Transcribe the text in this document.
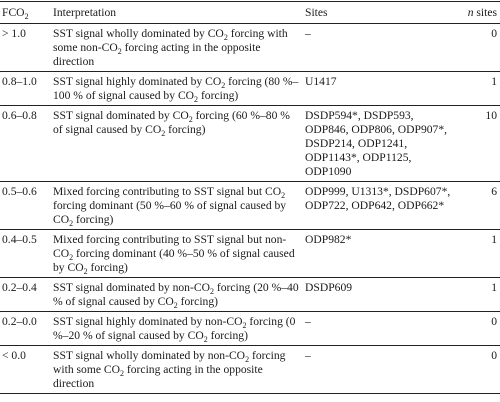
$FCO_2$	Interpretation	Sites	n sites
> 1.0	SST signal wholly dominated by $CO_2$ forcing with some non-$CO_2$ forcing acting in the opposite direction	–	0
0.8–1.0	SST signal highly dominated by $CO_2$ forcing (80 %–100 % of signal caused by $CO_2$ forcing)	U1417	1
0.6–0.8	SST signal dominated by $CO_2$ forcing (60 %–80 % of signal caused by $CO_2$ forcing)	DSDP594*, DSDP593, ODP846, ODP806, ODP907*, DSDP214, ODP1241, ODP1143*, ODP1125, ODP1090	10
0.5–0.6	Mixed forcing contributing to SST signal but $CO_2$ forcing dominant (50 %–60 % of signal caused by $CO_2$ forcing)	ODP999, U1313*, DSDP607*, ODP722, ODP642, ODP662*	6
0.4–0.5	Mixed forcing contributing to SST signal but non-$CO_2$ forcing dominant (40 %–50 % of signal caused by $CO_2$ forcing)	ODP982*	1
0.2–0.4	SST signal dominated by non-$CO_2$ forcing (20 %–40 % of signal caused by $CO_2$ forcing)	DSDP609	1
0.2–0.0	SST signal highly dominated by non-$CO_2$ forcing (0 %–20 % of signal caused by $CO_2$ forcing)	–	0
< 0.0	SST signal wholly dominated by non-$CO_2$ forcing with some $CO_2$ forcing acting in the opposite direction	–	0
